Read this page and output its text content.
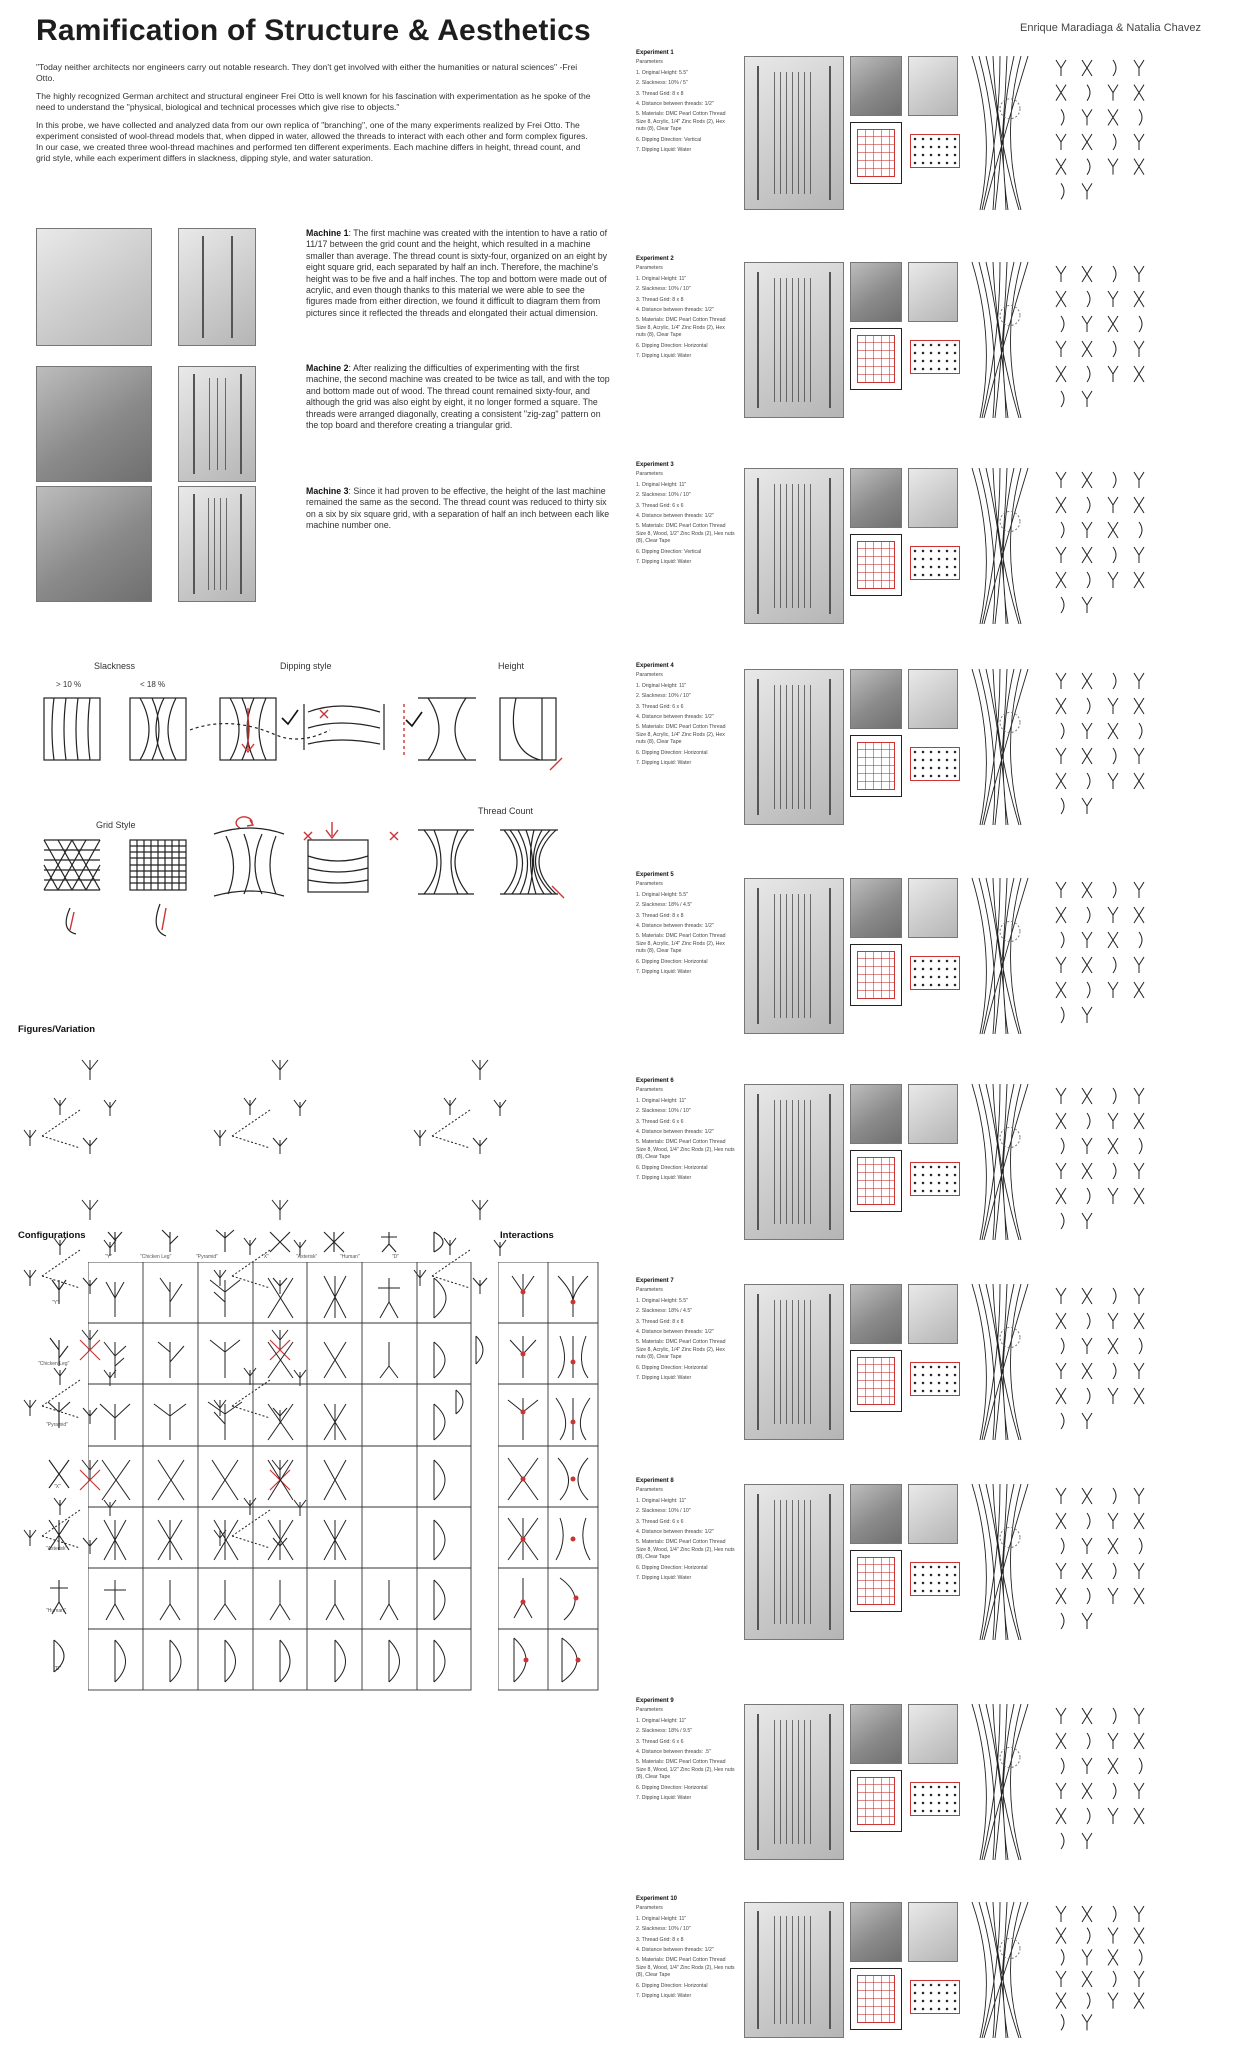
Ramification of Structure & Aesthetics	Enrique Maradiaga & Natalia Chavez

"Today neither architects nor engineers carry out notable research. They don't get involved with either the humanities or natural sciences" -Frei Otto.

The highly recognized German architect and structural engineer Frei Otto is well known for his fascination with experimentation as he spoke of the need to understand the "physical, biological and technical processes which give rise to objects."

In this probe, we have collected and analyzed data from our own replica of "branching", one of the many experiments realized by Frei Otto. The experiment consisted of wool-thread models that, when dipped in water, allowed the threads to interact with each other and form complex figures.

In our case, we created three wool-thread machines and performed ten different experiments. Each machine differs in height, thread count, and grid style, while each experiment differs in slackness, dipping style, and water saturation.

Machine 1: The first machine was created with the intention to have a ratio of 11/17 between the grid count and the height, which resulted in a machine smaller than average. The thread count is sixty-four, organized on an eight by eight square grid, each separated by half an inch. Therefore, the machine's height was to be five and a half inches. The top and bottom were made out of acrylic, and even though thanks to this material we were able to see the figures made from either direction, we found it difficult to diagram them from pictures since it reflected the threads and elongated their actual dimension.
Machine 2: After realizing the difficulties of experimenting with the first machine, the second machine was created to be twice as tall, and with the top and bottom made out of wood. The thread count remained sixty-four, and although the grid was also eight by eight, it no longer formed a square. The threads were arranged diagonally, creating a consistent "zig-zag" pattern on the top board and therefore creating a triangular grid.
Machine 3: Since it had proven to be effective, the height of the last machine remained the same as the second. The thread count was reduced to thirty six on a six by six square grid, with a separation of half an inch between each like machine number one.
Slackness
> 10 %	< 18 %
Dipping style	Height
Grid Style
Thread Count
Figures/Variation
Configurations
"Y"	"Chicken Leg"	"Pyramid"	"X"	"Asterisk"	"Human"	"D"
"Y"
"Chicken Leg"
"Pyramid"
"X"
"Asterisk"
"Human"
"D"
Interactions
Experiment 1
Parameters
1. Original Height: 5.5"
2. Slackness: 10% / 5"
3. Thread Grid: 8 x 8
4. Distance between threads: 1/2"
5. Materials: DMC Pearl Cotton Thread Size 8, Acrylic, 1/4" Zinc Rods (2), Hex nuts (8), Clear Tape
6. Dipping Direction: Vertical
7. Dipping Liquid: Water
Experiment 2
Parameters
1. Original Height: 11"
2. Slackness: 10% / 10"
3. Thread Grid: 8 x 8
4. Distance between threads: 1/2"
5. Materials: DMC Pearl Cotton Thread Size 8, Acrylic, 1/4" Zinc Rods (2), Hex nuts (8), Clear Tape
6. Dipping Direction: Horizontal
7. Dipping Liquid: Water
Experiment 3
Parameters
1. Original Height: 11"
2. Slackness: 10% / 10"
3. Thread Grid: 6 x 6
4. Distance between threads: 1/2"
5. Materials: DMC Pearl Cotton Thread Size 8, Wood, 1/2" Zinc Rods (2), Hex nuts (8), Clear Tape
6. Dipping Direction: Vertical
7. Dipping Liquid: Water
Experiment 4
Parameters
1. Original Height: 11"
2. Slackness: 10% / 10"
3. Thread Grid: 6 x 6
4. Distance between threads: 1/2"
5. Materials: DMC Pearl Cotton Thread Size 8, Acrylic, 1/4" Zinc Rods (2), Hex nuts (8), Clear Tape
6. Dipping Direction: Horizontal
7. Dipping Liquid: Water
Experiment 5
Parameters
1. Original Height: 5.5"
2. Slackness: 18% / 4.5"
3. Thread Grid: 8 x 8
4. Distance between threads: 1/2"
5. Materials: DMC Pearl Cotton Thread Size 8, Acrylic, 1/4" Zinc Rods (2), Hex nuts (8), Clear Tape
6. Dipping Direction: Horizontal
7. Dipping Liquid: Water
Experiment 6
Parameters
1. Original Height: 11"
2. Slackness: 10% / 10"
3. Thread Grid: 6 x 6
4. Distance between threads: 1/2"
5. Materials: DMC Pearl Cotton Thread Size 8, Wood, 1/4" Zinc Rods (2), Hex nuts (8), Clear Tape
6. Dipping Direction: Horizontal
7. Dipping Liquid: Water
Experiment 7
Parameters
1. Original Height: 5.5"
2. Slackness: 18% / 4.5"
3. Thread Grid: 8 x 8
4. Distance between threads: 1/2"
5. Materials: DMC Pearl Cotton Thread Size 8, Acrylic, 1/4" Zinc Rods (2), Hex nuts (8), Clear Tape
6. Dipping Direction: Horizontal
7. Dipping Liquid: Water
Experiment 8
Parameters
1. Original Height: 11"
2. Slackness: 10% / 10"
3. Thread Grid: 6 x 6
4. Distance between threads: 1/2"
5. Materials: DMC Pearl Cotton Thread Size 8, Wood, 1/4" Zinc Rods (2), Hex nuts (8), Clear Tape
6. Dipping Direction: Horizontal
7. Dipping Liquid: Water
Experiment 9
Parameters
1. Original Height: 11"
2. Slackness: 18% / 9.5"
3. Thread Grid: 6 x 6
4. Distance between threads: .5"
5. Materials: DMC Pearl Cotton Thread Size 8, Wood, 1/2" Zinc Rods (2), Hex nuts (8), Clear Tape
6. Dipping Direction: Horizontal
7. Dipping Liquid: Water
Experiment 10
Parameters
1. Original Height: 11"
2. Slackness: 10% / 10"
3. Thread Grid: 8 x 8
4. Distance between threads: 1/2"
5. Materials: DMC Pearl Cotton Thread Size 8, Wood, 1/4" Zinc Rods (2), Hex nuts (8), Clear Tape
6. Dipping Direction: Horizontal
7. Dipping Liquid: Water
